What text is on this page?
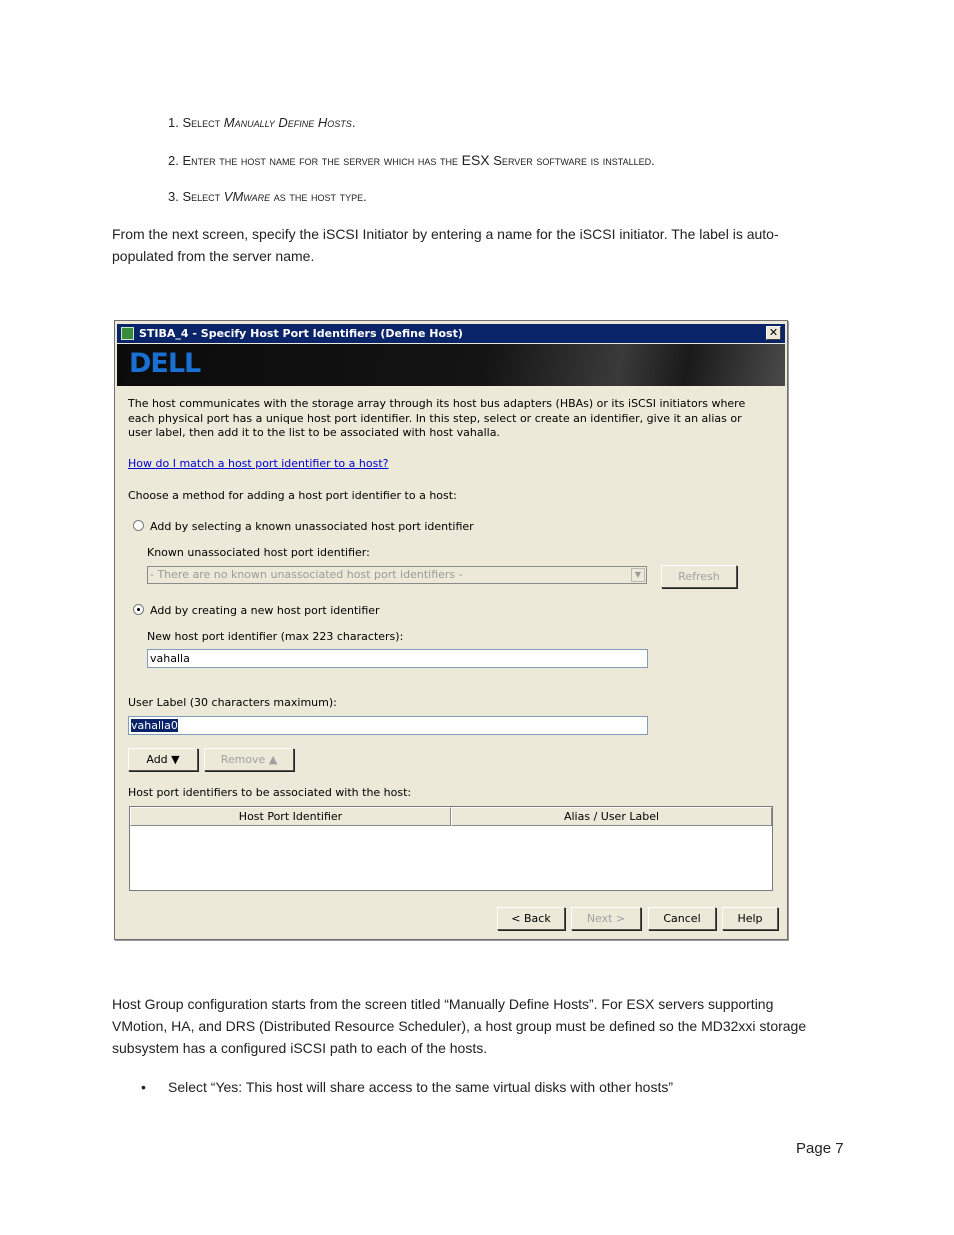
1. Select Manually Define Hosts.
2. Enter the host name for the server which has the ESX Server software is installed.
3. Select VMware as the host type.
From the next screen, specify the iSCSI Initiator by entering a name for the iSCSI initiator. The label is auto-populated from the server name.
STIBA_4 - Specify Host Port Identifiers (Define Host)	✕
DELL
The host communicates with the storage array through its host bus adapters (HBAs) or its iSCSI initiators where each physical port has a unique host port identifier. In this step, select or create an identifier, give it an alias or user label, then add it to the list to be associated with host vahalla.
How do I match a host port identifier to a host?
Choose a method for adding a host port identifier to a host:
Add by selecting a known unassociated host port identifier
Known unassociated host port identifier:
- There are no known unassociated host port identifiers -	▼	Refresh
Add by creating a new host port identifier
New host port identifier (max 223 characters):
vahalla
User Label (30 characters maximum):
vahalla0
Add ▼	Remove ▲
Host port identifiers to be associated with the host:
Host Port Identifier	Alias / User Label
< Back	Next >	Cancel	Help
Host Group configuration starts from the screen titled “Manually Define Hosts”. For ESX servers supporting VMotion, HA, and DRS (Distributed Resource Scheduler), a host group must be defined so the MD32xxi storage subsystem has a configured iSCSI path to each of the hosts.
• Select “Yes: This host will share access to the same virtual disks with other hosts”
Page 7
